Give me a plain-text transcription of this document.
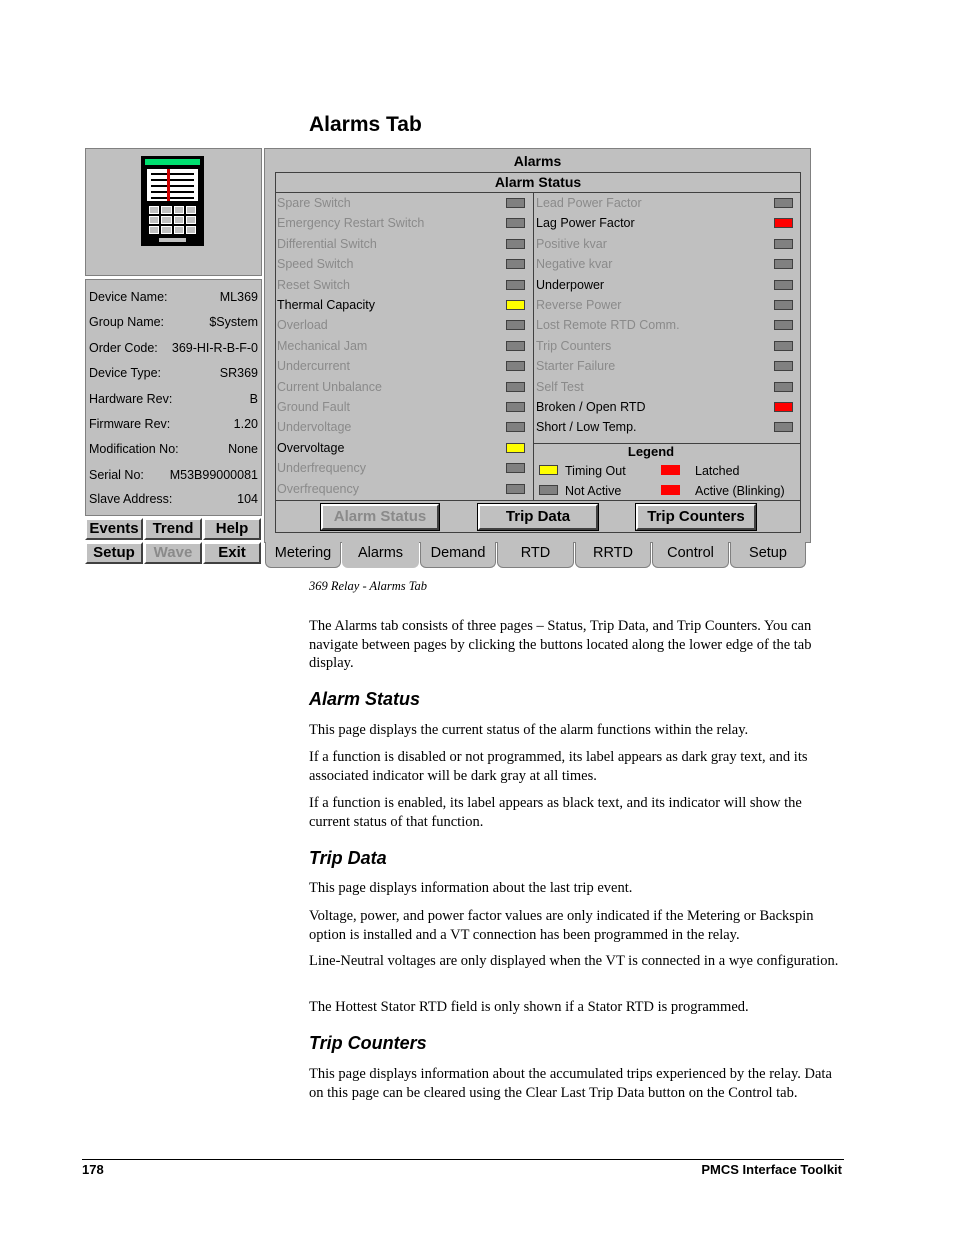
Alarms Tab
Device Name:	ML369
Group Name:	$System
Order Code: 369-HI-R-B-F-0
Device Type:	SR369
Hardware Rev:	B
Firmware Rev:	1.20
Modification No:	None
Serial No: M53B99000081
Slave Address:	104
Events Trend	Help
Setup	Wave	Exit
Alarms
Alarm Status
Spare Switch
Emergency Restart Switch
Differential Switch
Speed Switch
Reset Switch
Thermal Capacity
Overload
Mechanical Jam
Undercurrent
Current Unbalance
Ground Fault
Undervoltage
Overvoltage
Underfrequency
Overfrequency
Lead Power Factor
Lag Power Factor
Positive kvar
Negative kvar
Underpower
Reverse Power
Lost Remote RTD Comm.
Trip Counters
Starter Failure
Self Test
Broken / Open RTD
Short / Low Temp.
Legend
Timing Out	Latched
Not Active	Active (Blinking)
Alarm Status	Trip Data	Trip Counters
Metering	Alarms	Demand	RTD	RRTD	Control	Setup
369 Relay - Alarms Tab
The Alarms tab consists of three pages – Status, Trip Data, and Trip Counters. You can navigate between pages by clicking the buttons located along the lower edge of the tab display.
Alarm Status
This page displays the current status of the alarm functions within the relay.
If a function is disabled or not programmed, its label appears as dark gray text, and its associated indicator will be dark gray at all times.
If a function is enabled, its label appears as black text, and its indicator will show the current status of that function.
Trip Data
This page displays information about the last trip event.
Voltage, power, and power factor values are only indicated if the Metering or Backspin option is installed and a VT connection has been programmed in the relay.
Line-Neutral voltages are only displayed when the VT is connected in a wye configuration.
The Hottest Stator RTD field is only shown if a Stator RTD is programmed.
Trip Counters
This page displays information about the accumulated trips experienced by the relay. Data on this page can be cleared using the Clear Last Trip Data button on the Control tab.
178	PMCS Interface Toolkit
